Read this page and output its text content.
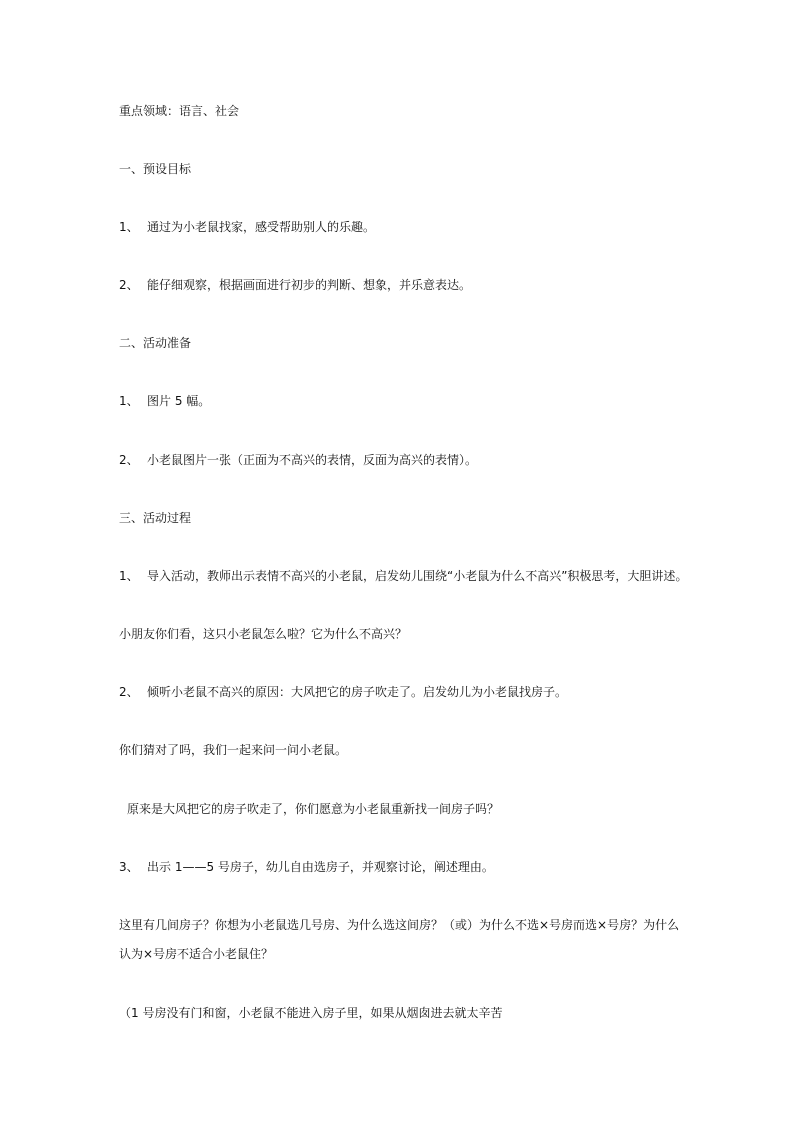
重点领域：语言、社会
一、预设目标
1、 通过为小老鼠找家，感受帮助别人的乐趣。
2、 能仔细观察，根据画面进行初步的判断、想象，并乐意表达。
二、活动准备
1、 图片 5 幅。
2、 小老鼠图片一张（正面为不高兴的表情，反面为高兴的表情）。
三、活动过程
1、 导入活动，教师出示表情不高兴的小老鼠，启发幼儿围绕“小老鼠为什么不高兴”积极思考，大胆讲述。
小朋友你们看，这只小老鼠怎么啦？它为什么不高兴？
2、 倾听小老鼠不高兴的原因：大风把它的房子吹走了。启发幼儿为小老鼠找房子。
你们猜对了吗，我们一起来问一问小老鼠。
原来是大风把它的房子吹走了，你们愿意为小老鼠重新找一间房子吗？
3、 出示 1——5 号房子，幼儿自由选房子，并观察讨论，阐述理由。
这里有几间房子？你想为小老鼠选几号房、为什么选这间房？（或）为什么不选×号房而选×号房？为什么
认为×号房不适合小老鼠住？
（1 号房没有门和窗，小老鼠不能进入房子里，如果从烟囱进去就太辛苦
